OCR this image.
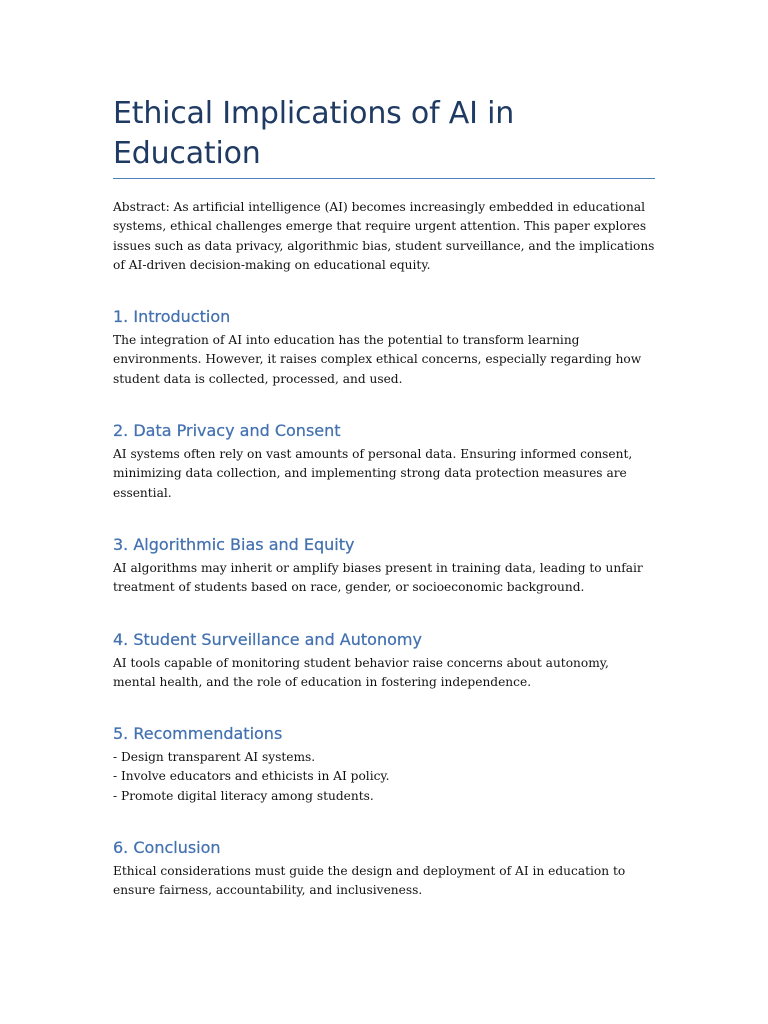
Ethical Implications of AI in Education

Abstract: As artificial intelligence (AI) becomes increasingly embedded in educational systems, ethical challenges emerge that require urgent attention. This paper explores issues such as data privacy, algorithmic bias, student surveillance, and the implications of AI-driven decision-making on educational equity.

1. Introduction

The integration of AI into education has the potential to transform learning environments. However, it raises complex ethical concerns, especially regarding how student data is collected, processed, and used.

2. Data Privacy and Consent

AI systems often rely on vast amounts of personal data. Ensuring informed consent, minimizing data collection, and implementing strong data protection measures are essential.

3. Algorithmic Bias and Equity

AI algorithms may inherit or amplify biases present in training data, leading to unfair treatment of students based on race, gender, or socioeconomic background.

4. Student Surveillance and Autonomy

AI tools capable of monitoring student behavior raise concerns about autonomy, mental health, and the role of education in fostering independence.

5. Recommendations
- Design transparent AI systems.
- Involve educators and ethicists in AI policy.
- Promote digital literacy among students.
6. Conclusion

Ethical considerations must guide the design and deployment of AI in education to ensure fairness, accountability, and inclusiveness.
